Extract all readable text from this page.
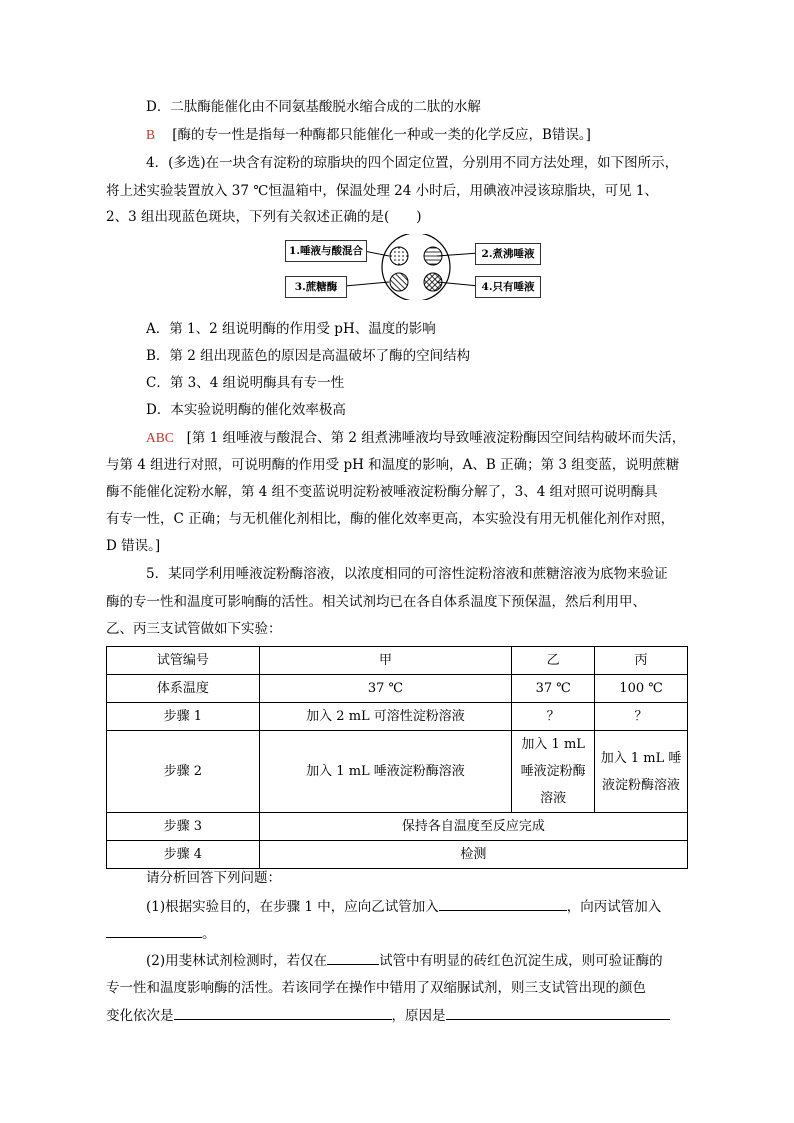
D．二肽酶能催化由不同氨基酸脱水缩合成的二肽的水解
B [酶的专一性是指每一种酶都只能催化一种或一类的化学反应，B错误。]
4．(多选)在一块含有淀粉的琼脂块的四个固定位置，分别用不同方法处理，如下图所示，
将上述实验装置放入 37 ℃恒温箱中，保温处理 24 小时后，用碘液冲浸该琼脂块，可见 1、
2、3 组出现蓝色斑块，下列有关叙述正确的是(　　)
1.唾液与酸混合	2.煮沸唾液
3.蔗糖酶	4.只有唾液
A．第 1、2 组说明酶的作用受 pH、温度的影响
B．第 2 组出现蓝色的原因是高温破坏了酶的空间结构
C．第 3、4 组说明酶具有专一性
D．本实验说明酶的催化效率极高
ABC [第 1 组唾液与酸混合、第 2 组煮沸唾液均导致唾液淀粉酶因空间结构破坏而失活，
与第 4 组进行对照，可说明酶的作用受 pH 和温度的影响，A、B 正确；第 3 组变蓝，说明蔗糖
酶不能催化淀粉水解，第 4 组不变蓝说明淀粉被唾液淀粉酶分解了，3、4 组对照可说明酶具
有专一性，C 正确；与无机催化剂相比，酶的催化效率更高，本实验没有用无机催化剂作对照，
D 错误。]
5．某同学利用唾液淀粉酶溶液，以浓度相同的可溶性淀粉溶液和蔗糖溶液为底物来验证
酶的专一性和温度可影响酶的活性。相关试剂均已在各自体系温度下预保温，然后利用甲、
乙、丙三支试管做如下实验：
试管编号	甲	乙	丙
体系温度	37 ℃	37 ℃	100 ℃
步骤 1	加入 2 mL 可溶性淀粉溶液	？	？
步骤 2	加入 1 mL 唾液淀粉酶溶液	加入 1 mL 唾液淀粉酶溶液	加入 1 mL 唾液淀粉酶溶液
步骤 3	保持各自温度至反应完成		
步骤 4	检测		
请分析回答下列问题：
(1)根据实验目的，在步骤 1 中，应向乙试管加入	，向丙试管加入
。
(2)用斐林试剂检测时，若仅在	试管中有明显的砖红色沉淀生成，则可验证酶的
专一性和温度影响酶的活性。若该同学在操作中错用了双缩脲试剂，则三支试管出现的颜色
变化依次是	，原因是
